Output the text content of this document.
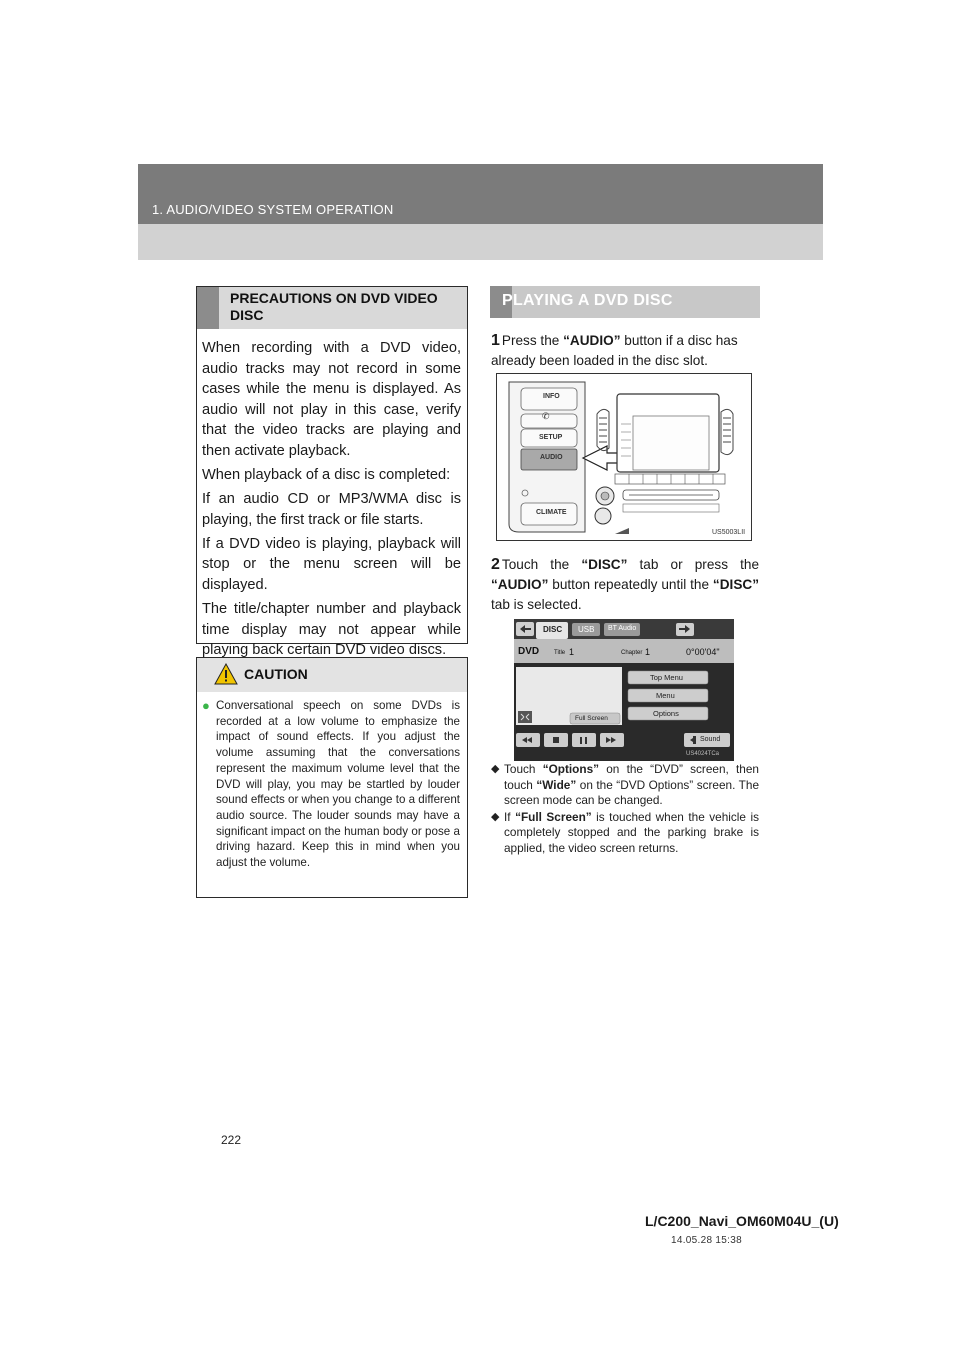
1. AUDIO/VIDEO SYSTEM OPERATION
PRECAUTIONS ON DVD VIDEO DISC

When recording with a DVD video, audio tracks may not record in some cases while the menu is displayed. As audio will not play in this case, verify that the video tracks are playing and then activate playback.

When playback of a disc is completed:

If an audio CD or MP3/WMA disc is playing, the first track or file starts.

If a DVD video is playing, playback will stop or the menu screen will be displayed.

The title/chapter number and playback time display may not appear while playing back certain DVD video discs.

CAUTION
● Conversational speech on some DVDs is recorded at a low volume to emphasize the impact of sound effects. If you adjust the volume assuming that the conversations represent the maximum volume level that the DVD will play, you may be startled by louder sound effects or when you change to a different audio source. The louder sounds may have a significant impact on the human body or pose a driving hazard. Keep this in mind when you adjust the volume.
PLAYING A DVD DISC
1 Press the “AUDIO” button if a disc has already been loaded in the disc slot.
INFO
✆
SETUP
AUDIO
CLIMATE
US5003LII
2 Touch the “DISC” tab or press the “AUDIO” button repeatedly until the “DISC” tab is selected.
DISC USB BT Audio
DVD Title 1	Chapter 1	0°00'04"
Top Menu
Menu
Options
Full Screen
Sound
US4024TCa
◆ Touch “Options” on the “DVD” screen, then touch “Wide” on the “DVD Options” screen. The screen mode can be changed.
◆ If “Full Screen” is touched when the vehicle is completely stopped and the parking brake is applied, the video screen returns.
222
L/C200_Navi_OM60M04U_(U)
14.05.28 15:38
